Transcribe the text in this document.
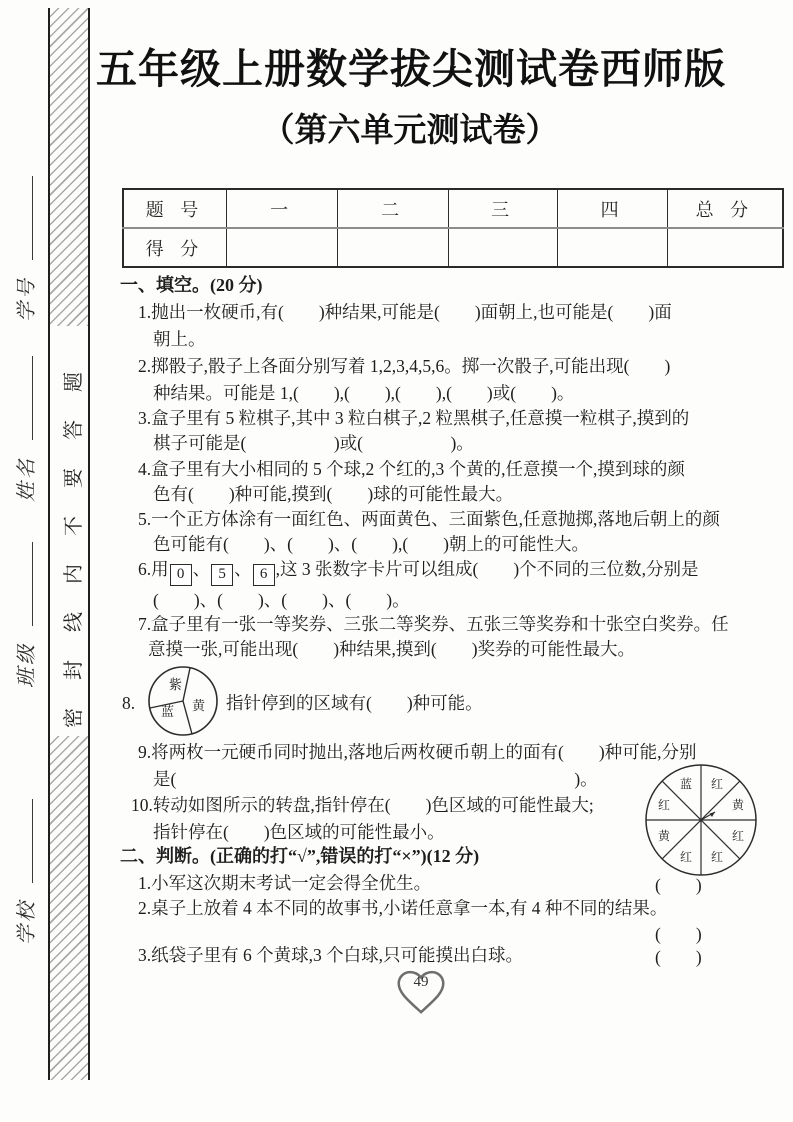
学校
班级
姓名
学号
密封线内不要答题
五年级上册数学拔尖测试卷西师版
（第六单元测试卷）
题 号	一	二	三	四	总 分
得 分					
一、填空。(20 分)
1.抛出一枚硬币,有(　　)种结果,可能是(　　)面朝上,也可能是(　　)面
朝上。
2.掷骰子,骰子上各面分别写着 1,2,3,4,5,6。掷一次骰子,可能出现(　　)
种结果。可能是 1,(　　),(　　),(　　),(　　)或(　　)。
3.盒子里有 5 粒棋子,其中 3 粒白棋子,2 粒黑棋子,任意摸一粒棋子,摸到的
棋子可能是(　　　　　)或(　　　　　)。
4.盒子里有大小相同的 5 个球,2 个红的,3 个黄的,任意摸一个,摸到球的颜
色有(　　)种可能,摸到(　　)球的可能性最大。
5.一个正方体涂有一面红色、两面黄色、三面紫色,任意抛掷,落地后朝上的颜
色可能有(　　)、(　　)、(　　),(　　)朝上的可能性大。
6.用 0 、 5 、 6 ,这 3 张数字卡片可以组成(　　)个不同的三位数,分别是
(　　)、(　　)、(　　)、(　　)。
7.盒子里有一张一等奖券、三张二等奖券、五张三等奖券和十张空白奖券。任
意摸一张,可能出现(　　)种结果,摸到(　　)奖券的可能性最大。
8.
紫
蓝 黄 指针停到的区域有(　　)种可能。
9.将两枚一元硬币同时抛出,落地后两枚硬币朝上的面有(　　)种可能,分别
是(	)。
10.转动如图所示的转盘,指针停在(　　)色区域的可能性最大;
指针停在(　　)色区域的可能性最小。
蓝 红
黄
红
红
红
黄
红
二、判断。(正确的打“√”,错误的打“×”)(12 分)
1.小军这次期末考试一定会得全优生。	(　　)
2.桌子上放着 4 本不同的故事书,小诺任意拿一本,有 4 种不同的结果。
(　　)
3.纸袋子里有 6 个黄球,3 个白球,只可能摸出白球。	(　　)
49
